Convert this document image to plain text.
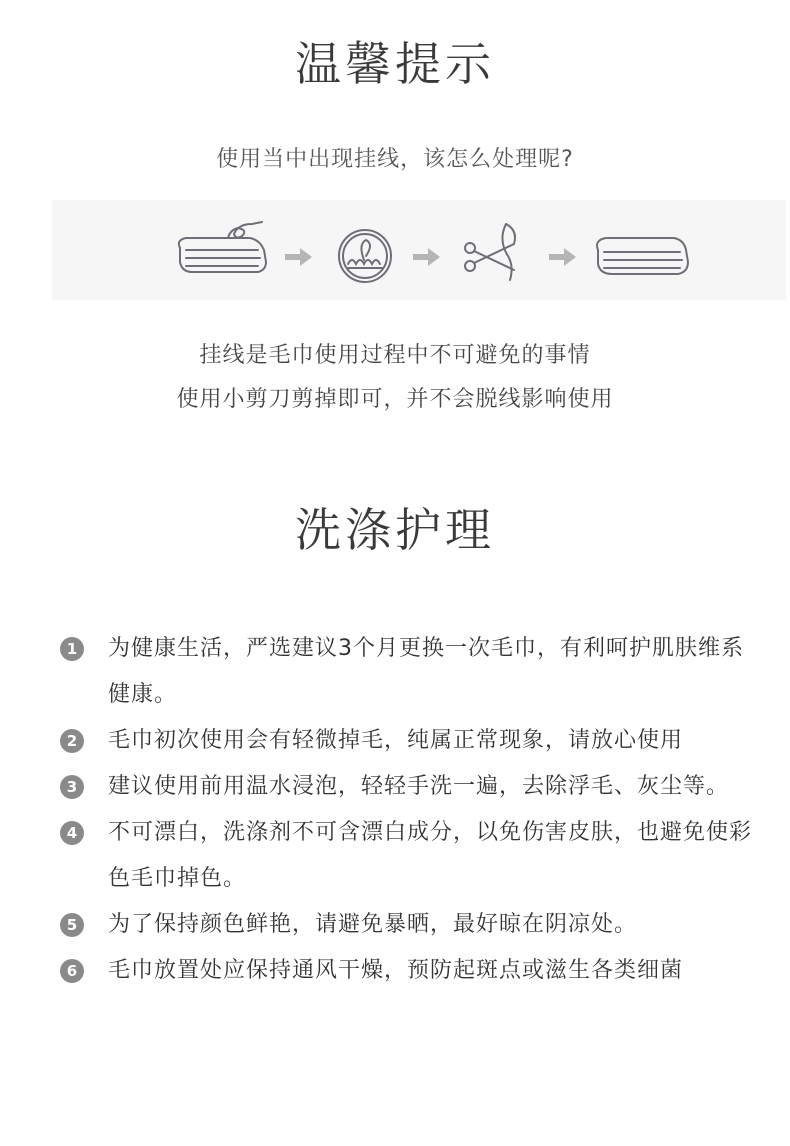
温馨提示
使用当中出现挂线，该怎么处理呢?
挂线是毛巾使用过程中不可避免的事情
使用小剪刀剪掉即可，并不会脱线影响使用
洗涤护理
1	为健康生活，严选建议3个月更换一次毛巾，有利呵护肌肤维系健康。
2	毛巾初次使用会有轻微掉毛，纯属正常现象，请放心使用
3	建议使用前用温水浸泡，轻轻手洗一遍，去除浮毛、灰尘等。
4	不可漂白，洗涤剂不可含漂白成分，以免伤害皮肤，也避免使彩色毛巾掉色。
5	为了保持颜色鲜艳，请避免暴晒，最好晾在阴凉处。
6	毛巾放置处应保持通风干燥，预防起斑点或滋生各类细菌
